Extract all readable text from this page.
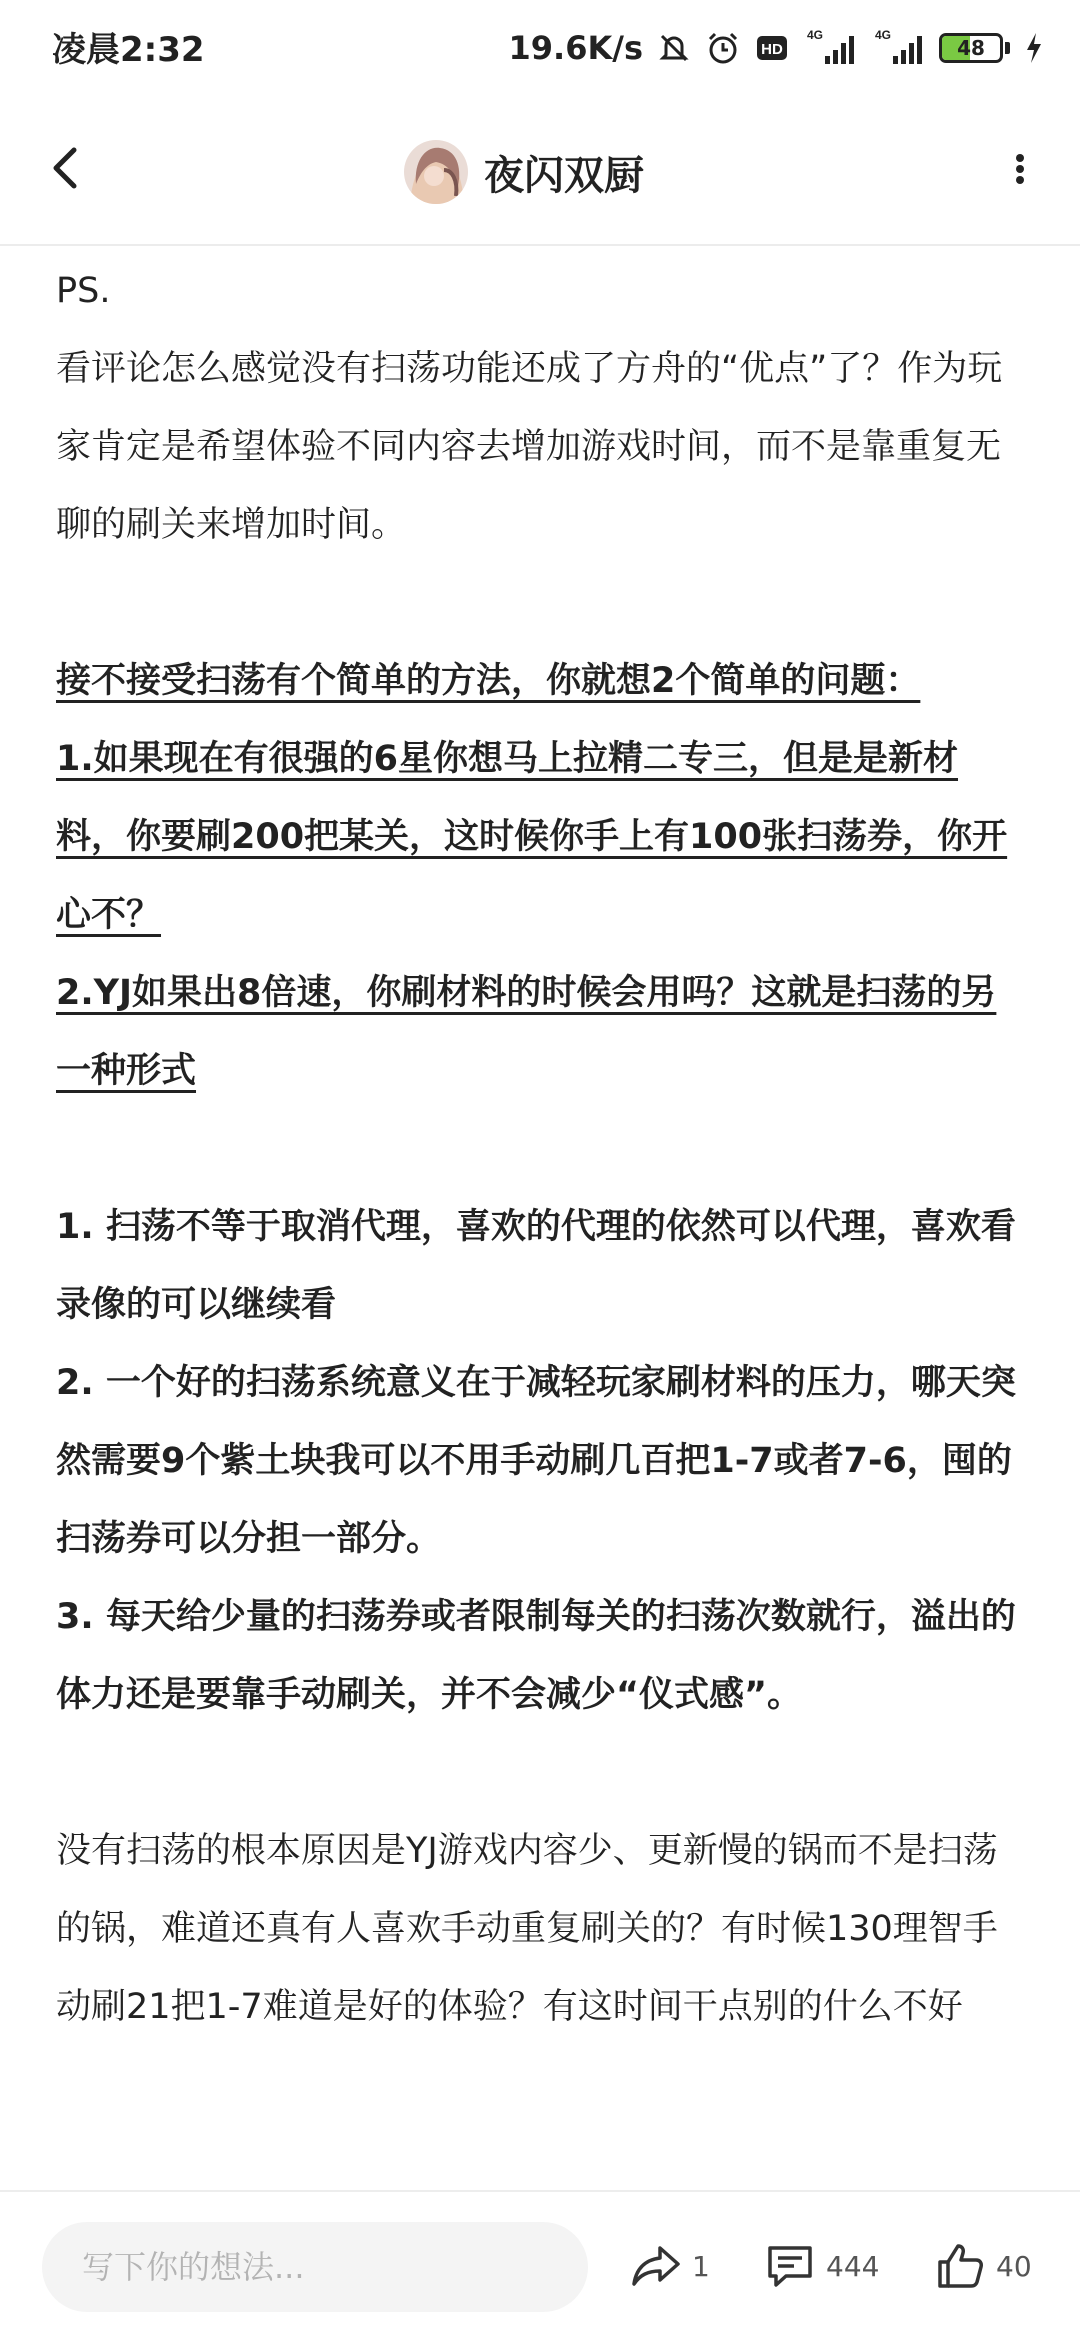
凌晨2:32	19.6K/s	HD
4G	4G
48
夜闪双厨

PS.

看评论怎么感觉没有扫荡功能还成了方舟的“优点”了？作为玩家肯定是希望体验不同内容去增加游戏时间，而不是靠重复无聊的刷关来增加时间。

接不接受扫荡有个简单的方法，你就想2个简单的问题：

1.如果现在有很强的6星你想马上拉精二专三，但是是新材料，你要刷200把某关，这时候你手上有100张扫荡券，你开心不？

2.YJ如果出8倍速，你刷材料的时候会用吗？这就是扫荡的另一种形式

1. 扫荡不等于取消代理，喜欢的代理的依然可以代理，喜欢看录像的可以继续看

2. 一个好的扫荡系统意义在于减轻玩家刷材料的压力，哪天突然需要9个紫土块我可以不用手动刷几百把1-7或者7-6，囤的扫荡券可以分担一部分。

3. 每天给少量的扫荡券或者限制每关的扫荡次数就行，溢出的体力还是要靠手动刷关，并不会减少“仪式感”。

没有扫荡的根本原因是YJ游戏内容少、更新慢的锅而不是扫荡的锅，难道还真有人喜欢手动重复刷关的？有时候130理智手动刷21把1-7难道是好的体验？有这时间干点别的什么不好

写下你的想法...
1	444	40
